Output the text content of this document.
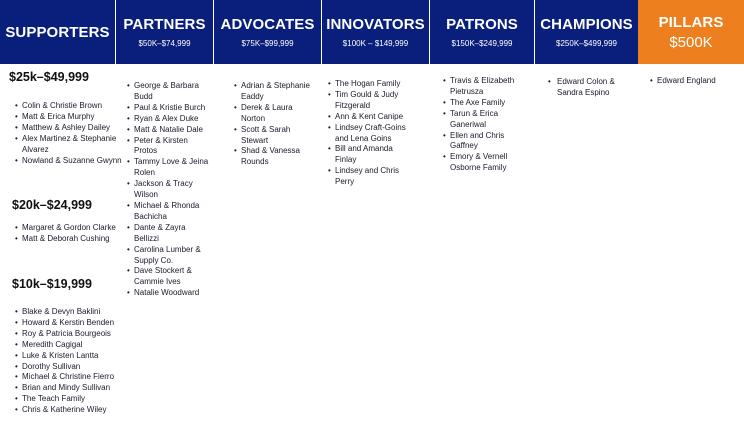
SUPPORTERS PARTNERS
$50K–$74,999
ADVOCATES
$75K–$99,999
INNOVATORS
$100K – $149,999
PATRONS
$150K–$249,999
CHAMPIONS
$250K–$499,999
PILLARS
$500K
$25k–$49,999
• Colin & Christie Brown
• Matt & Erica Murphy
• Matthew & Ashley Dailey
• Alex Martinez & Stephanie Alvarez
• Nowland & Suzanne Gwynn
$20k–$24,999
• Margaret & Gordon Clarke
• Matt & Deborah Cushing
$10k–$19,999
• Blake & Devyn Baklini
• Howard & Kerstin Benden
• Roy & Patricia Bourgeois
• Meredith Cagigal
• Luke & Kristen Lantta
• Dorothy Sullivan
• Michael & Christine Fierro
• Brian and Mindy Sullivan
• The Teach Family
• Chris & Katherine Wiley
• George & Barbara Budd
• Paul & Kristie Burch
• Ryan & Alex Duke
• Matt & Natalie Dale
• Peter & Kirsten Protos
• Tammy Love & Jeina Rolen
• Jackson & Tracy Wilson
• Michael & Rhonda Bachicha
• Dante & Zayra Bellizzi
• Carolina Lumber & Supply Co.
• Dave Stockert & Cammie Ives
• Natalie Woodward
• Adrian & Stephanie Eaddy
• Derek & Laura Norton
• Scott & Sarah Stewart
• Shad & Vanessa Rounds
• The Hogan Family
• Tim Gould & Judy Fitzgerald
• Ann & Kent Canipe
• Lindsey Craft-Goins and Lena Goins
• Bill and Amanda Finlay
• Lindsey and Chris Perry
• Travis & Elizabeth Pietrusza
• The Axe Family
• Tarun & Erica Ganeriwal
• Ellen and Chris Gaffney
• Emory & Vernell Osborne Family
• Edward Colon & Sandra Espino
• Edward England
